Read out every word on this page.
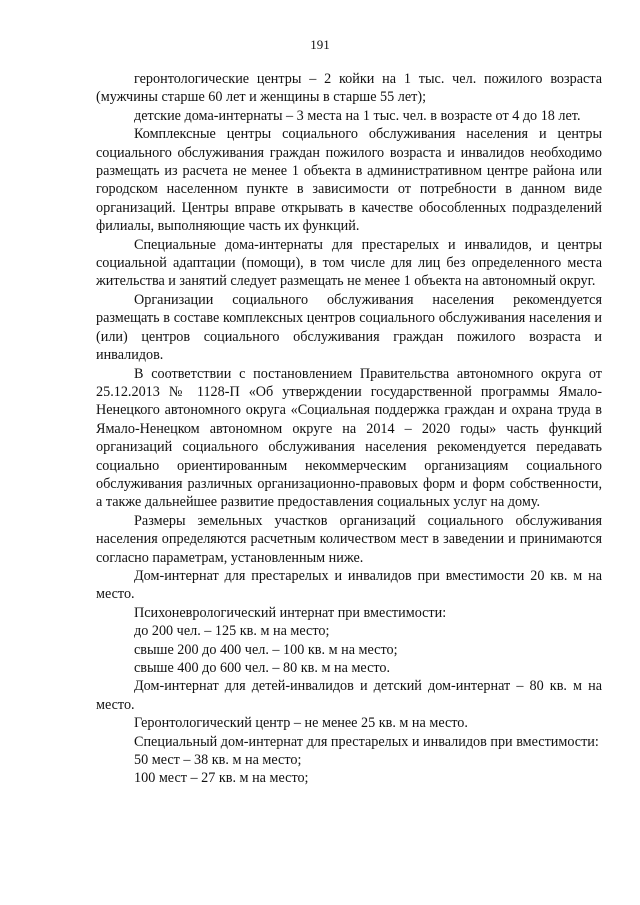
191

геронтологические центры – 2 койки на 1 тыс. чел. пожилого возраста (мужчины старше 60 лет и женщины в старше 55 лет);

детские дома-интернаты – 3 места на 1 тыс. чел. в возрасте от 4 до 18 лет.

Комплексные центры социального обслуживания населения и центры социального обслуживания граждан пожилого возраста и инвалидов необходимо размещать из расчета не менее 1 объекта в административном центре района или городском населенном пункте в зависимости от потребности в данном виде организаций. Центры вправе открывать в качестве обособленных подразделений филиалы, выполняющие часть их функций.

Специальные дома-интернаты для престарелых и инвалидов, и центры социальной адаптации (помощи), в том числе для лиц без определенного места жительства и занятий следует размещать не менее 1 объекта на автономный округ.

Организации социального обслуживания населения рекомендуется размещать в составе комплексных центров социального обслуживания населения и (или) центров социального обслуживания граждан пожилого возраста и инвалидов.

В соответствии с постановлением Правительства автономного округа от 25.12.2013 № 1128-П «Об утверждении государственной программы Ямало-Ненецкого автономного округа «Социальная поддержка граждан и охрана труда в Ямало-Ненецком автономном округе на 2014 – 2020 годы» часть функций организаций социального обслуживания населения рекомендуется передавать социально ориентированным некоммерческим организациям социального обслуживания различных организационно-правовых форм и форм собственности, а также дальнейшее развитие предоставления социальных услуг на дому.

Размеры земельных участков организаций социального обслуживания населения определяются расчетным количеством мест в заведении и принимаются согласно параметрам, установленным ниже.

Дом-интернат для престарелых и инвалидов при вместимости 20 кв. м на место.

Психоневрологический интернат при вместимости:

до 200 чел. – 125 кв. м на место;

свыше 200 до 400 чел. – 100 кв. м на место;

свыше 400 до 600 чел. – 80 кв. м на место.

Дом-интернат для детей-инвалидов и детский дом-интернат – 80 кв. м на место.

Геронтологический центр – не менее 25 кв. м на место.

Специальный дом-интернат для престарелых и инвалидов при вместимости:

50 мест – 38 кв. м на место;

100 мест – 27 кв. м на место;
